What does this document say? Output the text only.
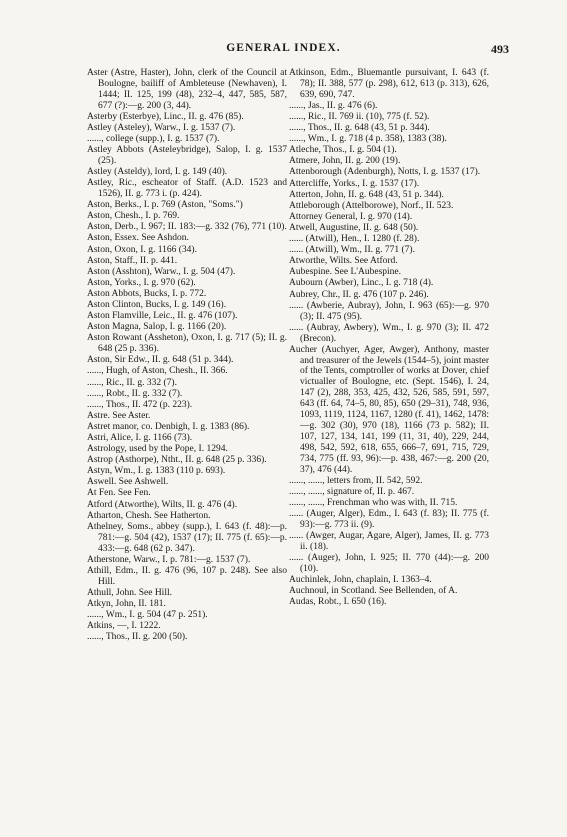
GENERAL INDEX.	493

Aster (Astre, Haster), John, clerk of the Council at Boulogne, bailiff of Ambleteuse (Newhaven), I. 1444; II. 125, 199 (48), 232–4, 447, 585, 587, 677 (?):—g. 200 (3, 44).

Asterby (Esterbye), Linc., II. g. 476 (85).

Astley (Asteley), Warw., I. g. 1537 (7).

......, college (supp.), I. g. 1537 (7).

Astley Abbots (Asteleybridge), Salop, I. g. 1537 (25).

Astley (Asteldy), lord, I. g. 149 (40).

Astley, Ric., escheator of Staff. (A.D. 1523 and 1526), II. g. 773 i. (p. 424).

Aston, Berks., I. p. 769 (Aston, "Soms.")

Aston, Chesh., I. p. 769.

Aston, Derb., I. 967; II. 183:—g. 332 (76), 771 (10).

Aston, Essex. See Ashdon.

Aston, Oxon, I. g. 1166 (34).

Aston, Staff., II. p. 441.

Aston (Asshton), Warw., I. g. 504 (47).

Aston, Yorks., I. g. 970 (62).

Aston Abbots, Bucks, I. p. 772.

Aston Clinton, Bucks, I. g. 149 (16).

Aston Flamville, Leic., II. g. 476 (107).

Aston Magna, Salop, I. g. 1166 (20).

Aston Rowant (Assheton), Oxon, I. g. 717 (5); II. g. 648 (25 p. 336).

Aston, Sir Edw., II. g. 648 (51 p. 344).

......, Hugh, of Aston, Chesh., II. 366.

......, Ric., II. g. 332 (7).

......, Robt., II. g. 332 (7).

......, Thos., II. 472 (p. 223).

Astre. See Aster.

Astret manor, co. Denbigh, I. g. 1383 (86).

Astri, Alice, I. g. 1166 (73).

Astrology, used by the Pope, I. 1294.

Astrop (Asthorpe), Ntht., II. g. 648 (25 p. 336).

Astyn, Wm., I. g. 1383 (110 p. 693).

Aswell. See Ashwell.

At Fen. See Fen.

Atford (Atworthe), Wilts, II. g. 476 (4).

Atharton, Chesh. See Hatherton.

Athelney, Soms., abbey (supp.), I. 643 (f. 48):—p. 781:—g. 504 (42), 1537 (17); II. 775 (f. 65):—p. 433:—g. 648 (62 p. 347).

Atherstone, Warw., I. p. 781:—g. 1537 (7).

Athill, Edm., II. g. 476 (96, 107 p. 248). See also Hill.

Athull, John. See Hill.

Atkyn, John, II. 181.

......, Wm., I. g. 504 (47 p. 251).

Atkins, —, I. 1222.

......, Thos., II. g. 200 (50).

Atkinson, Edm., Bluemantle pursuivant, I. 643 (f. 78); II. 388, 577 (p. 298), 612, 613 (p. 313), 626, 639, 690, 747.

......, Jas., II. g. 476 (6).

......, Ric., II. 769 ii. (10), 775 (f. 52).

......, Thos., II. g. 648 (43, 51 p. 344).

......, Wm., I. g. 718 (4 p. 358), 1383 (38).

Atleche, Thos., I. g. 504 (1).

Atmere, John, II. g. 200 (19).

Attenborough (Adenburgh), Notts, I. g. 1537 (17).

Attercliffe, Yorks., I. g. 1537 (17).

Atterton, John, II. g. 648 (43, 51 p. 344).

Attleborough (Attelborowe), Norf., II. 523.

Attorney General, I. g. 970 (14).

Atwell, Augustine, II. g. 648 (50).

...... (Atwill), Hen., I. 1280 (f. 28).

...... (Atwill), Wm., II. g. 771 (7).

Atworthe, Wilts. See Atford.

Aubespine. See L'Aubespine.

Aubourn (Awber), Linc., I. g. 718 (4).

Aubrey, Chr., II. g. 476 (107 p. 246).

...... (Awberie, Aubray), John, I. 963 (65):—g. 970 (3); II. 475 (95).

...... (Aubray, Awbery), Wm., I. g. 970 (3); II. 472 (Brecon).

Aucher (Auchyer, Ager, Awger), Anthony, master and treasurer of the Jewels (1544–5), joint master of the Tents, comptroller of works at Dover, chief victualler of Boulogne, etc. (Sept. 1546), I. 24, 147 (2), 288, 353, 425, 432, 526, 585, 591, 597, 643 (ff. 64, 74–5, 80, 85), 650 (29–31), 748, 936, 1093, 1119, 1124, 1167, 1280 (f. 41), 1462, 1478:—g. 302 (30), 970 (18), 1166 (73 p. 582); II. 107, 127, 134, 141, 199 (11, 31, 40), 229, 244, 498, 542, 592, 618, 655, 666–7, 691, 715, 729, 734, 775 (ff. 93, 96):—p. 438, 467:—g. 200 (20, 37), 476 (44).

......, ......, letters from, II. 542, 592.

......, ......, signature of, II. p. 467.

......, ......, Frenchman who was with, II. 715.

...... (Auger, Alger), Edm., I. 643 (f. 83); II. 775 (f. 93):—g. 773 ii. (9).

...... (Awger, Augar, Agare, Alger), James, II. g. 773 ii. (18).

...... (Auger), John, I. 925; II. 770 (44):—g. 200 (10).

Auchinlek, John, chaplain, I. 1363–4.

Auchnoul, in Scotland. See Bellenden, of A.

Audas, Robt., I. 650 (16).
